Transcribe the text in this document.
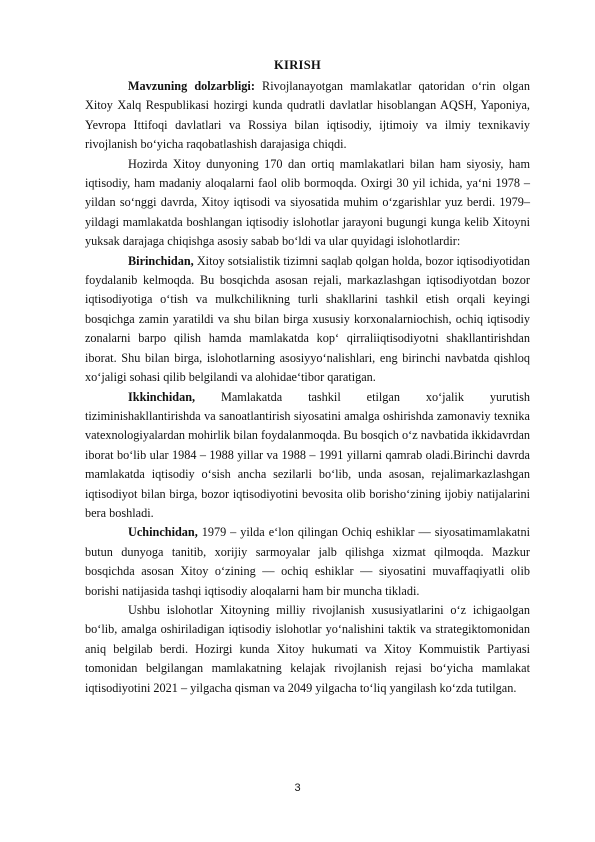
KIRISH

Mavzuning dolzarbligi: Rivojlanayotgan mamlakatlar qatoridan o‘rin olgan Xitoy Xalq Respublikasi hozirgi kunda qudratli davlatlar hisoblangan AQSH, Yaponiya, Yevropa Ittifoqi davlatlari va Rossiya bilan iqtisodiy, ijtimoiy va ilmiy texnikaviy rivojlanish bo‘yicha raqobatlashish darajasiga chiqdi.

Hozirda Xitoy dunyoning 170 dan ortiq mamlakatlari bilan ham siyosiy, ham iqtisodiy, ham madaniy aloqalarni faol olib bormoqda. Oxirgi 30 yil ichida, ya‘ni 1978 – yildan so‘nggi davrda, Xitoy iqtisodi va siyosatida muhim o‘zgarishlar yuz berdi. 1979–yildagi mamlakatda boshlangan iqtisodiy islohotlar jarayoni bugungi kunga kelib Xitoyni yuksak darajaga chiqishga asosiy sabab bo‘ldi va ular quyidagi islohotlardir:

Birinchidan, Xitoy sotsialistik tizimni saqlab qolgan holda, bozor iqtisodiyotidan foydalanib kelmoqda. Bu bosqichda asosan rejali, markazlashgan iqtisodiyotdan bozor iqtisodiyotiga o‘tish va mulkchilikning turli shakllarini tashkil etish orqali keyingi bosqichga zamin yaratildi va shu bilan birga xususiy korxonalarniochish, ochiq iqtisodiy zonalarni barpo qilish hamda mamlakatda kop‘ qirraliiqtisodiyotni shakllantirishdan iborat. Shu bilan birga, islohotlarning asosiyyo‘nalishlari, eng birinchi navbatda qishloq xo‘jaligi sohasi qilib belgilandi va alohidae‘tibor qaratigan.

Ikkinchidan, Mamlakatda tashkil etilgan xo‘jalik yurutish tiziminishakllantirishda va sanoatlantirish siyosatini amalga oshirishda zamonaviy texnika vatexnologiyalardan mohirlik bilan foydalanmoqda. Bu bosqich o‘z navbatida ikkidavrdan iborat bo‘lib ular 1984 – 1988 yillar va 1988 – 1991 yillarni qamrab oladi.Birinchi davrda mamlakatda iqtisodiy o‘sish ancha sezilarli bo‘lib, unda asosan, rejalimarkazlashgan iqtisodiyot bilan birga, bozor iqtisodiyotini bevosita olib borisho‘zining ijobiy natijalarini bera boshladi.

Uchinchidan, 1979 – yilda e‘lon qilingan Ochiq eshiklar — siyosatimamlakatni butun dunyoga tanitib, xorijiy sarmoyalar jalb qilishga xizmat qilmoqda. Mazkur bosqichda asosan Xitoy o‘zining — ochiq eshiklar — siyosatini muvaffaqiyatli olib borishi natijasida tashqi iqtisodiy aloqalarni ham bir muncha tikladi.

Ushbu islohotlar Xitoyning milliy rivojlanish xususiyatlarini o‘z ichigaolgan bo‘lib, amalga oshiriladigan iqtisodiy islohotlar yo‘nalishini taktik va strategiktomonidan aniq belgilab berdi. Hozirgi kunda Xitoy hukumati va Xitoy Kommuistik Partiyasi tomonidan belgilangan mamlakatning kelajak rivojlanish rejasi bo‘yicha mamlakat iqtisodiyotini 2021 – yilgacha qisman va 2049 yilgacha to‘liq yangilash ko‘zda tutilgan.

3
